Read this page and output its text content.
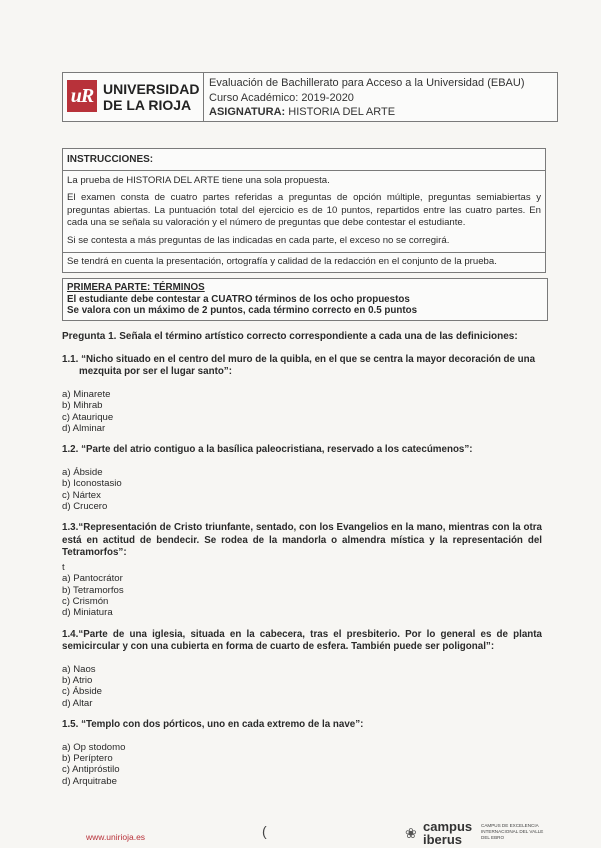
uR UNIVERSIDAD
DE LA RIOJA
Evaluación de Bachillerato para Acceso a la Universidad (EBAU)
Curso Académico: 2019-2020
ASIGNATURA: HISTORIA DEL ARTE
INSTRUCCIONES:

La prueba de HISTORIA DEL ARTE tiene una sola propuesta.

El examen consta de cuatro partes referidas a preguntas de opción múltiple, preguntas semiabiertas y preguntas abiertas. La puntuación total del ejercicio es de 10 puntos, repartidos entre las cuatro partes. En cada una se señala su valoración y el número de preguntas que debe contestar el estudiante.

Si se contesta a más preguntas de las indicadas en cada parte, el exceso no se corregirá.

Se tendrá en cuenta la presentación, ortografía y calidad de la redacción en el conjunto de la prueba.

PRIMERA PARTE: TÉRMINOS
El estudiante debe contestar a CUATRO términos de los ocho propuestos
Se valora con un máximo de 2 puntos, cada término correcto en 0.5 puntos

Pregunta 1. Señala el término artístico correcto correspondiente a cada una de las definiciones:

1.1. “Nicho situado en el centro del muro de la quibla, en el que se centra la mayor decoración de una
mezquita por ser el lugar santo”:

a) Minarete
b) Mihrab
c) Ataurique
d) Alminar

1.2. “Parte del atrio contiguo a la basílica paleocristiana, reservado a los catecúmenos”:

a) Ábside
b) Iconostasio
c) Nártex
d) Crucero

1.3.“Representación de Cristo triunfante, sentado, con los Evangelios en la mano, mientras con la otra está en actitud de bendecir. Se rodea de la mandorla o almendra mística y la representación del Tetramorfos”:

t
a) Pantocrátor
b) Tetramorfos
c) Crismón
d) Miniatura

1.4.“Parte de una iglesia, situada en la cabecera, tras el presbiterio. Por lo general es de planta semicircular y con una cubierta en forma de cuarto de esfera. También puede ser poligonal”:

a) Naos
b) Atrio
c) Ábside
d) Altar

1.5. “Templo con dos pórticos, uno en cada extremo de la nave”:

a) Op stodomo
b) Períptero
c) Antipróstilo
d) Arquitrabe
www.unirioja.es	(	❀ campus
iberus
CAMPUS DE EXCELENCIA INTERNACIONAL DEL VALLE DEL EBRO
